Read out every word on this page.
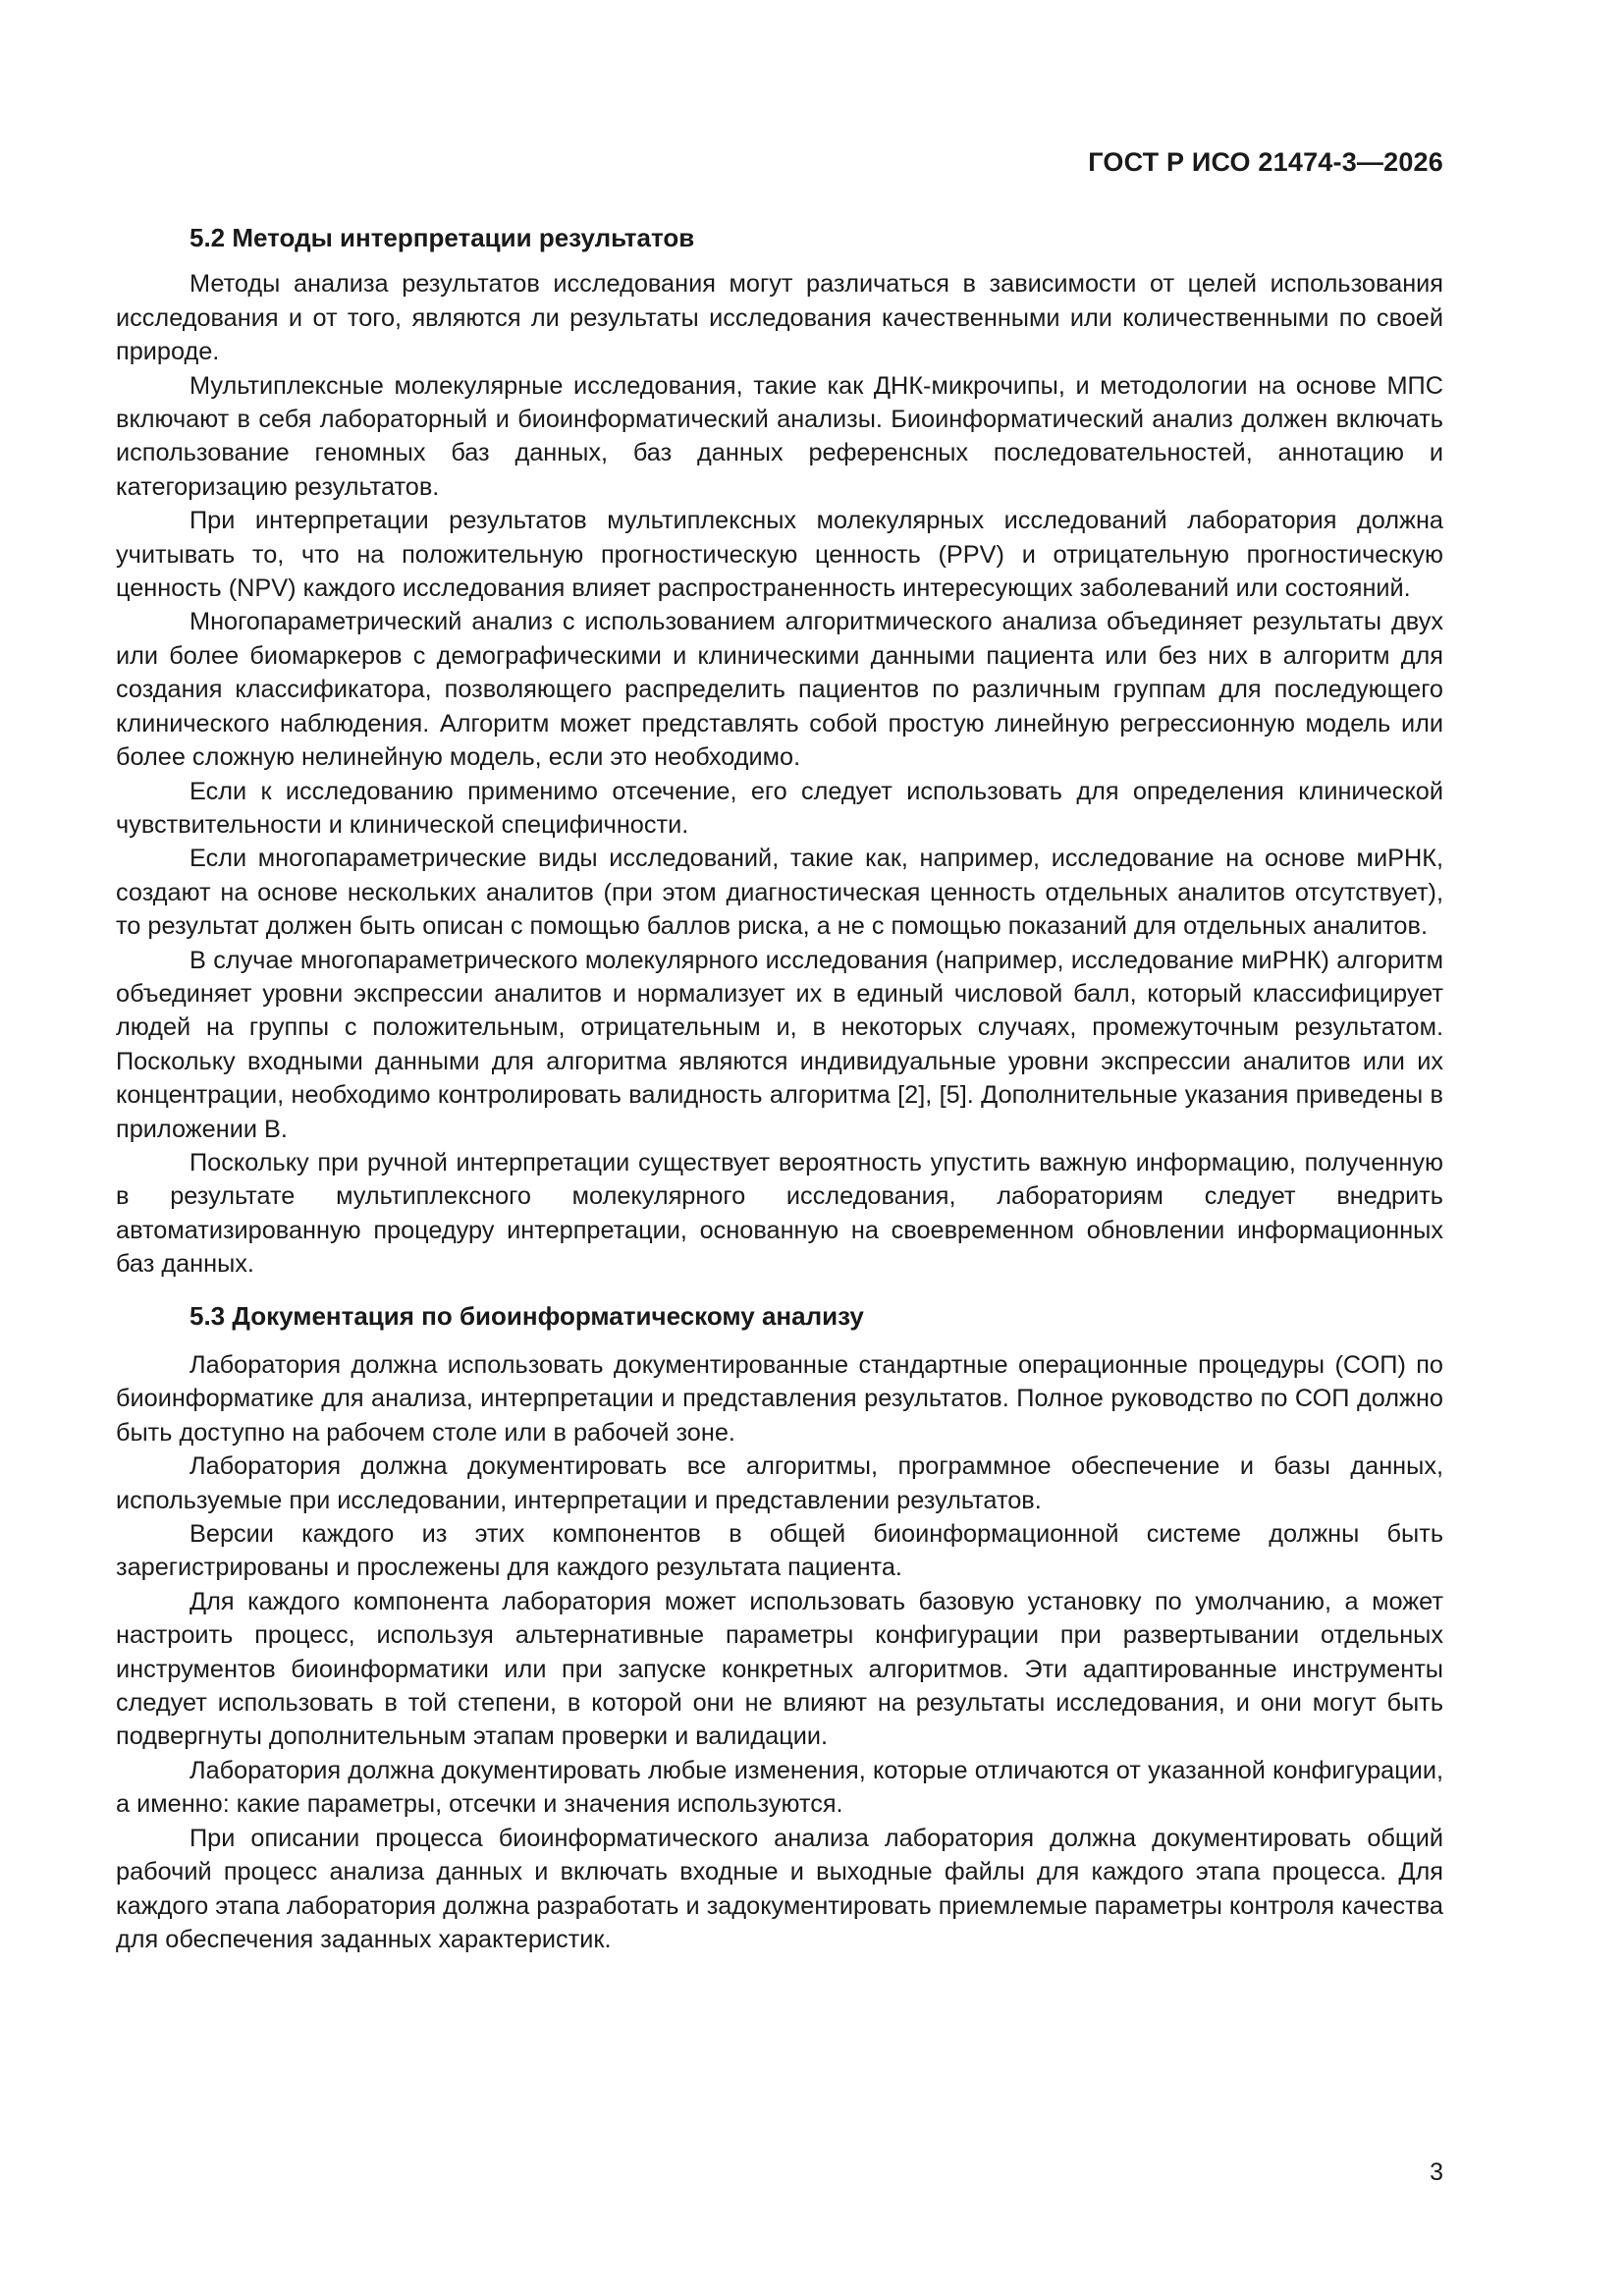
ГОСТ Р ИСО 21474-3—2026
5.2 Методы интерпретации результатов

Методы анализа результатов исследования могут различаться в зависимости от целей использования исследования и от того, являются ли результаты исследования качественными или количественными по своей природе.

Мультиплексные молекулярные исследования, такие как ДНК-микрочипы, и методологии на основе МПС включают в себя лабораторный и биоинформатический анализы. Биоинформатический анализ должен включать использование геномных баз данных, баз данных референсных последовательностей, аннотацию и категоризацию результатов.

При интерпретации результатов мультиплексных молекулярных исследований лаборатория должна учитывать то, что на положительную прогностическую ценность (PPV) и отрицательную прогностическую ценность (NPV) каждого исследования влияет распространенность интересующих заболеваний или состояний.

Многопараметрический анализ с использованием алгоритмического анализа объединяет результаты двух или более биомаркеров с демографическими и клиническими данными пациента или без них в алгоритм для создания классификатора, позволяющего распределить пациентов по различным группам для последующего клинического наблюдения. Алгоритм может представлять собой простую линейную регрессионную модель или более сложную нелинейную модель, если это необходимо.

Если к исследованию применимо отсечение, его следует использовать для определения клинической чувствительности и клинической специфичности.

Если многопараметрические виды исследований, такие как, например, исследование на основе миРНК, создают на основе нескольких аналитов (при этом диагностическая ценность отдельных аналитов отсутствует), то результат должен быть описан с помощью баллов риска, а не с помощью показаний для отдельных аналитов.

В случае многопараметрического молекулярного исследования (например, исследование миРНК) алгоритм объединяет уровни экспрессии аналитов и нормализует их в единый числовой балл, который классифицирует людей на группы с положительным, отрицательным и, в некоторых случаях, промежуточным результатом. Поскольку входными данными для алгоритма являются индивидуальные уровни экспрессии аналитов или их концентрации, необходимо контролировать валидность алгоритма [2], [5]. Дополнительные указания приведены в приложении В.

Поскольку при ручной интерпретации существует вероятность упустить важную информацию, полученную в результате мультиплексного молекулярного исследования, лабораториям следует внедрить автоматизированную процедуру интерпретации, основанную на своевременном обновлении информационных баз данных.

5.3 Документация по биоинформатическому анализу

Лаборатория должна использовать документированные стандартные операционные процедуры (СОП) по биоинформатике для анализа, интерпретации и представления результатов. Полное руководство по СОП должно быть доступно на рабочем столе или в рабочей зоне.

Лаборатория должна документировать все алгоритмы, программное обеспечение и базы данных, используемые при исследовании, интерпретации и представлении результатов.

Версии каждого из этих компонентов в общей биоинформационной системе должны быть зарегистрированы и прослежены для каждого результата пациента.

Для каждого компонента лаборатория может использовать базовую установку по умолчанию, а может настроить процесс, используя альтернативные параметры конфигурации при развертывании отдельных инструментов биоинформатики или при запуске конкретных алгоритмов. Эти адаптированные инструменты следует использовать в той степени, в которой они не влияют на результаты исследования, и они могут быть подвергнуты дополнительным этапам проверки и валидации.

Лаборатория должна документировать любые изменения, которые отличаются от указанной конфигурации, а именно: какие параметры, отсечки и значения используются.

При описании процесса биоинформатического анализа лаборатория должна документировать общий рабочий процесс анализа данных и включать входные и выходные файлы для каждого этапа процесса. Для каждого этапа лаборатория должна разработать и задокументировать приемлемые параметры контроля качества для обеспечения заданных характеристик.

3
